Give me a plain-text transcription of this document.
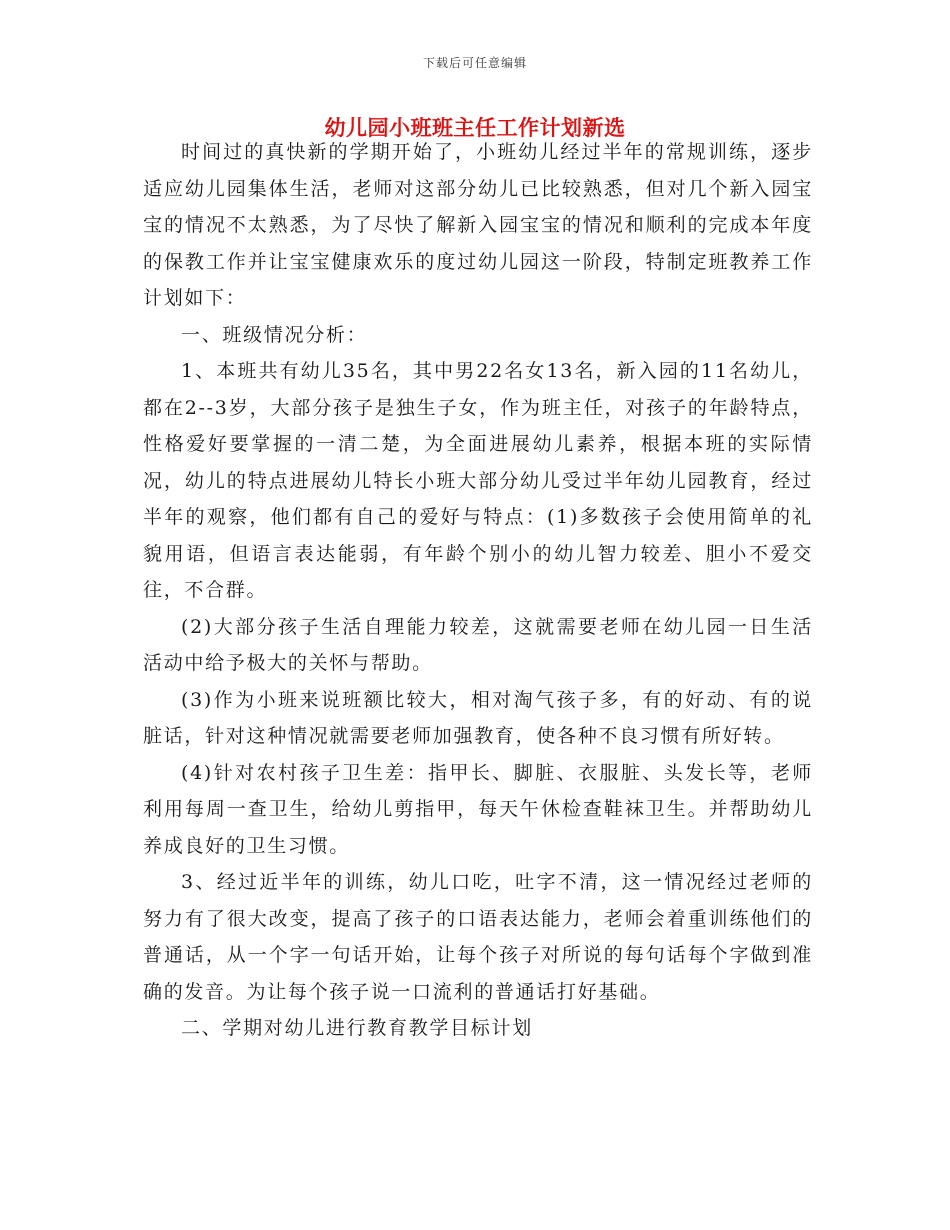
下载后可任意编辑
幼儿园小班班主任工作计划新选

时间过的真快新的学期开始了，小班幼儿经过半年的常规训练，逐步适应幼儿园集体生活，老师对这部分幼儿已比较熟悉，但对几个新入园宝宝的情况不太熟悉，为了尽快了解新入园宝宝的情况和顺利的完成本年度的保教工作并让宝宝健康欢乐的度过幼儿园这一阶段，特制定班教养工作计划如下：

一、班级情况分析：

1、本班共有幼儿35名，其中男22名女13名，新入园的11名幼儿，都在2--3岁，大部分孩子是独生子女，作为班主任，对孩子的年龄特点，性格爱好要掌握的一清二楚，为全面进展幼儿素养，根据本班的实际情况，幼儿的特点进展幼儿特长小班大部分幼儿受过半年幼儿园教育，经过半年的观察，他们都有自己的爱好与特点：(1)多数孩子会使用简单的礼貌用语，但语言表达能弱，有年龄个别小的幼儿智力较差、胆小不爱交往，不合群。

(2)大部分孩子生活自理能力较差，这就需要老师在幼儿园一日生活活动中给予极大的关怀与帮助。

(3)作为小班来说班额比较大，相对淘气孩子多，有的好动、有的说脏话，针对这种情况就需要老师加强教育，使各种不良习惯有所好转。

(4)针对农村孩子卫生差：指甲长、脚脏、衣服脏、头发长等，老师利用每周一查卫生，给幼儿剪指甲，每天午休检查鞋袜卫生。并帮助幼儿养成良好的卫生习惯。

3、经过近半年的训练，幼儿口吃，吐字不清，这一情况经过老师的努力有了很大改变，提高了孩子的口语表达能力，老师会着重训练他们的普通话，从一个字一句话开始，让每个孩子对所说的每句话每个字做到准确的发音。为让每个孩子说一口流利的普通话打好基础。

二、学期对幼儿进行教育教学目标计划
